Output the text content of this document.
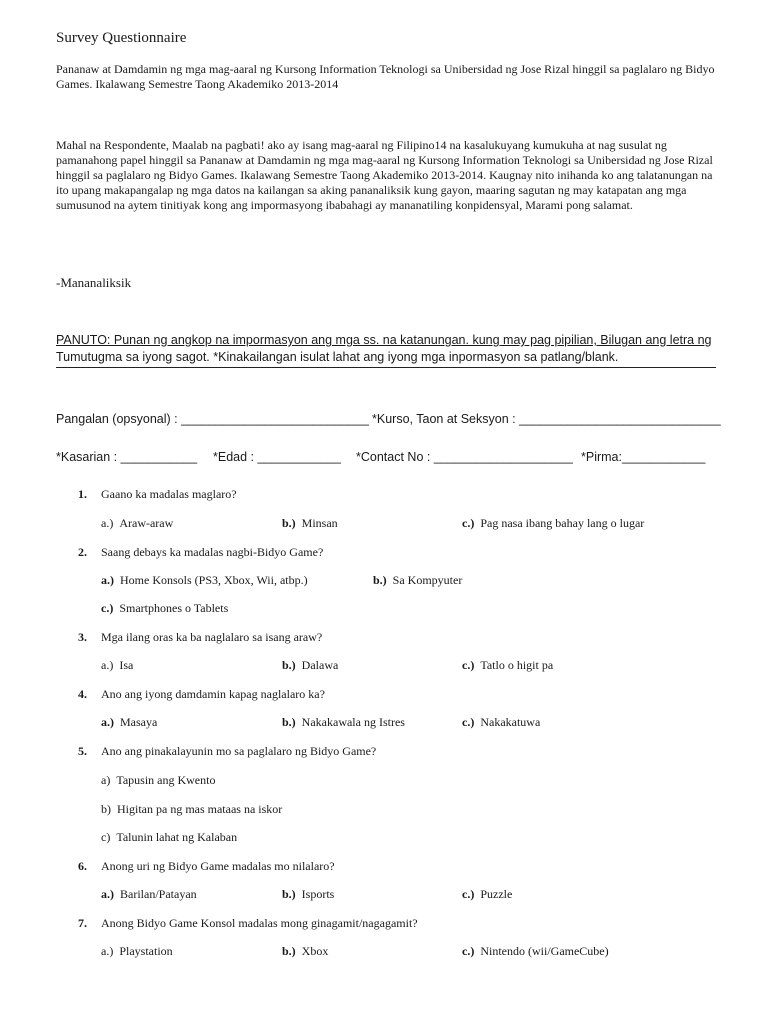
Survey Questionnaire
Pananaw at Damdamin ng mga mag-aaral ng Kursong Information Teknologi sa Unibersidad ng Jose Rizal hinggil sa paglalaro ng Bidyo Games. Ikalawang Semestre Taong Akademiko 2013-2014
Mahal na Respondente, Maalab na pagbati! ako ay isang mag-aaral ng Filipino14 na kasalukuyang kumukuha at nag susulat ng pamanahong papel hinggil sa Pananaw at Damdamin ng mga mag-aaral ng Kursong Information Teknologi sa Unibersidad ng Jose Rizal hinggil sa paglalaro ng Bidyo Games. Ikalawang Semestre Taong Akademiko 2013-2014. Kaugnay nito inihanda ko ang talatanungan na ito upang makapangalap ng mga datos na kailangan sa aking pananaliksik kung gayon, maaring sagutan ng may katapatan ang mga sumusunod na aytem tinitiyak kong ang impormasyong ibabahagi ay mananatiling konpidensyal, Marami pong salamat.
-Mananaliksik
PANUTO: Punan ng angkop na impormasyon ang mga ss. na katanungan. kung may pag pipilian, Bilugan ang letra ng
Tumutugma sa iyong sagot. *Kinakailangan isulat lahat ang iyong mga inpormasyon sa patlang/blank.
Pangalan (opsyonal) : ___________________________ *Kurso, Taon at Seksyon : _____________________________
*Kasarian : ___________ *Edad : ____________ *Contact No : ____________________ *Pirma:____________
1. Gaano ka madalas maglaro?
a.) Araw-araw	b.) Minsan	c.) Pag nasa ibang bahay lang o lugar
2. Saang debays ka madalas nagbi-Bidyo Game?
a.) Home Konsols (PS3, Xbox, Wii, atbp.)	b.) Sa Kompyuter
c.) Smartphones o Tablets
3. Mga ilang oras ka ba naglalaro sa isang araw?
a.) Isa	b.) Dalawa	c.) Tatlo o higit pa
4. Ano ang iyong damdamin kapag naglalaro ka?
a.) Masaya	b.) Nakakawala ng Istres	c.) Nakakatuwa
5. Ano ang pinakalayunin mo sa paglalaro ng Bidyo Game?
a) Tapusin ang Kwento
b) Higitan pa ng mas mataas na iskor
c) Talunin lahat ng Kalaban
6. Anong uri ng Bidyo Game madalas mo nilalaro?
a.) Barilan/Patayan	b.) Isports	c.) Puzzle
7. Anong Bidyo Game Konsol madalas mong ginagamit/nagagamit?
a.) Playstation	b.) Xbox	c.) Nintendo (wii/GameCube)
